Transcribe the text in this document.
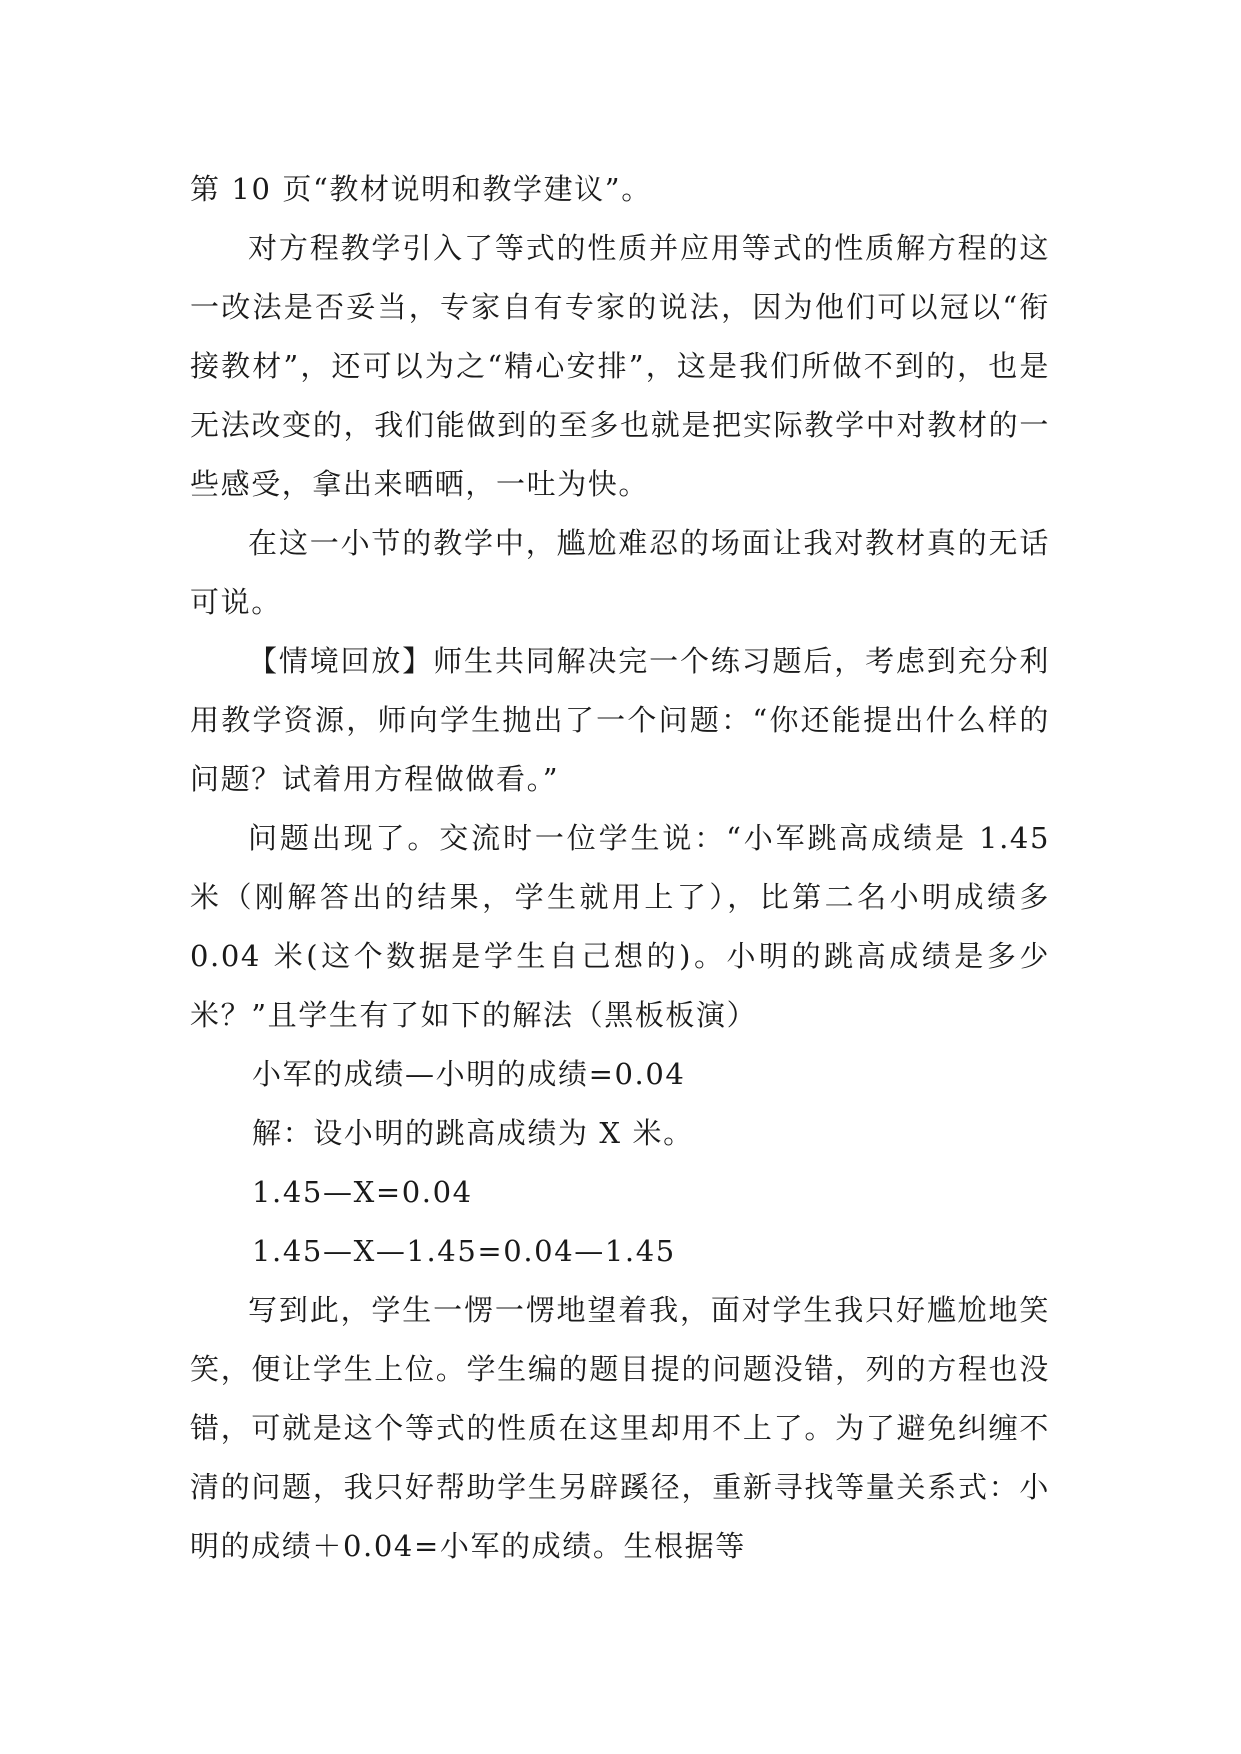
第 10 页“教材说明和教学建议”。

对方程教学引入了等式的性质并应用等式的性质解方程的这一改法是否妥当，专家自有专家的说法，因为他们可以冠以“衔接教材”，还可以为之“精心安排”，这是我们所做不到的，也是无法改变的，我们能做到的至多也就是把实际教学中对教材的一些感受，拿出来晒晒，一吐为快。

在这一小节的教学中，尴尬难忍的场面让我对教材真的无话可说。

【情境回放】师生共同解决完一个练习题后，考虑到充分利用教学资源，师向学生抛出了一个问题：“你还能提出什么样的问题？试着用方程做做看。”

问题出现了。交流时一位学生说：“小军跳高成绩是 1.45 米（刚解答出的结果，学生就用上了），比第二名小明成绩多 0.04 米(这个数据是学生自己想的)。小明的跳高成绩是多少米？”且学生有了如下的解法（黑板板演）

小军的成绩—小明的成绩=0.04

解：设小明的跳高成绩为 X 米。

1.45—X=0.04

1.45—X—1.45=0.04—1.45

写到此，学生一愣一愣地望着我，面对学生我只好尴尬地笑笑，便让学生上位。学生编的题目提的问题没错，列的方程也没错，可就是这个等式的性质在这里却用不上了。为了避免纠缠不清的问题，我只好帮助学生另辟蹊径，重新寻找等量关系式：小明的成绩＋0.04=小军的成绩。生根据等
